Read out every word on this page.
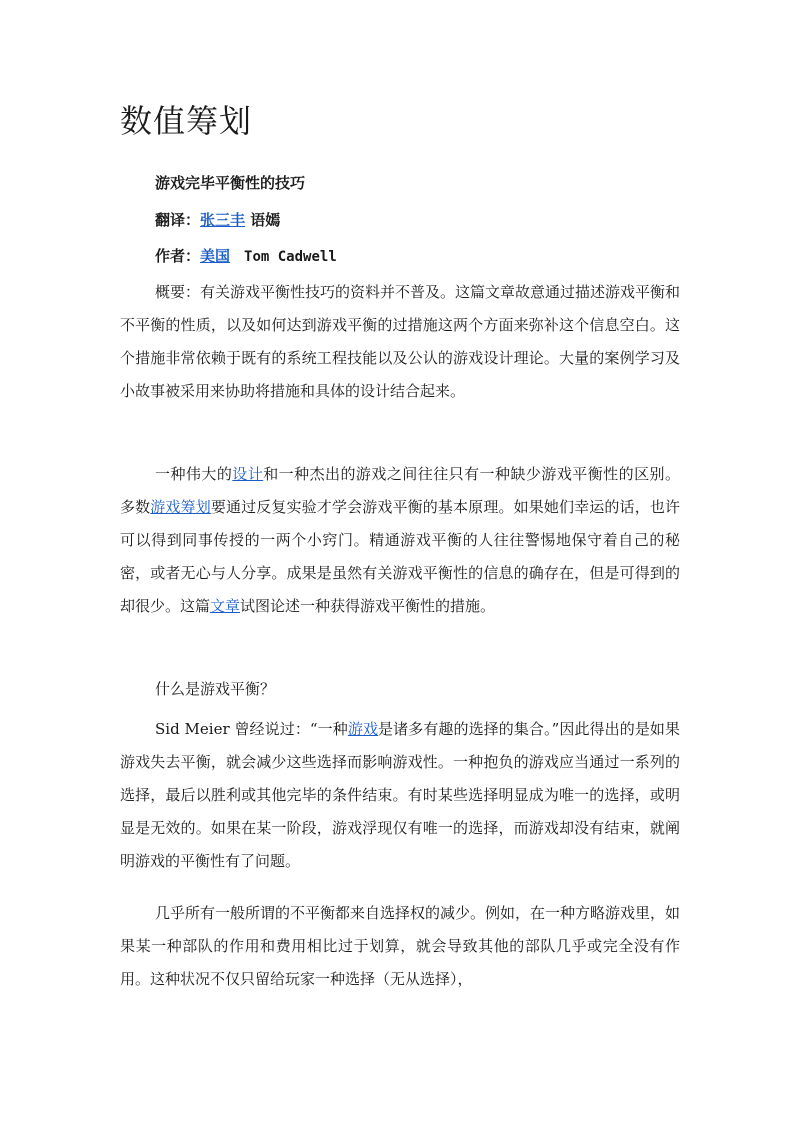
数值筹划

游戏完毕平衡性的技巧

翻译：张三丰 语嫣

作者：美国 Tom Cadwell

概要：有关游戏平衡性技巧的资料并不普及。这篇文章故意通过描述游戏平衡和不平衡的性质，以及如何达到游戏平衡的过措施这两个方面来弥补这个信息空白。这个措施非常依赖于既有的系统工程技能以及公认的游戏设计理论。大量的案例学习及小故事被采用来协助将措施和具体的设计结合起来。

一种伟大的设计和一种杰出的游戏之间往往只有一种缺少游戏平衡性的区别。多数游戏筹划要通过反复实验才学会游戏平衡的基本原理。如果她们幸运的话，也许可以得到同事传授的一两个小窍门。精通游戏平衡的人往往警惕地保守着自己的秘密，或者无心与人分享。成果是虽然有关游戏平衡性的信息的确存在，但是可得到的却很少。这篇文章试图论述一种获得游戏平衡性的措施。

什么是游戏平衡？

Sid Meier 曾经说过：“一种游戏是诸多有趣的选择的集合。”因此得出的是如果游戏失去平衡，就会减少这些选择而影响游戏性。一种抱负的游戏应当通过一系列的选择，最后以胜利或其他完毕的条件结束。有时某些选择明显成为唯一的选择，或明显是无效的。如果在某一阶段，游戏浮现仅有唯一的选择，而游戏却没有结束，就阐明游戏的平衡性有了问题。

几乎所有一般所谓的不平衡都来自选择权的减少。例如，在一种方略游戏里，如果某一种部队的作用和费用相比过于划算，就会导致其他的部队几乎或完全没有作用。这种状况不仅只留给玩家一种选择（无从选择），
